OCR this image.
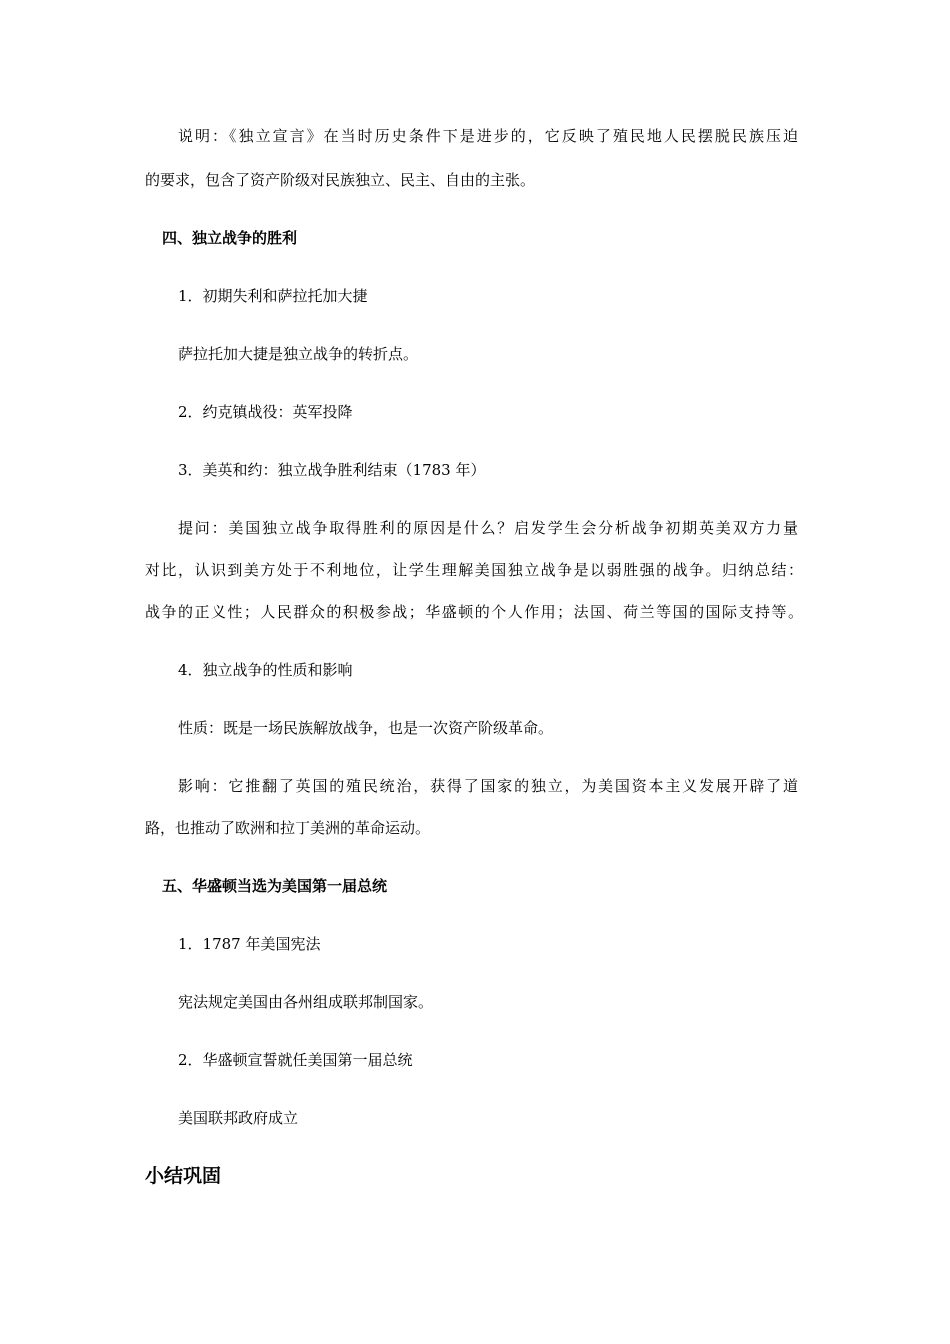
说明：《独立宣言》在当时历史条件下是进步的，它反映了殖民地人民摆脱民族压迫
的要求，包含了资产阶级对民族独立、民主、自由的主张。
四、独立战争的胜利
1．初期失利和萨拉托加大捷
萨拉托加大捷是独立战争的转折点。
2．约克镇战役：英军投降
3．美英和约：独立战争胜利结束（1783 年）
提问：美国独立战争取得胜利的原因是什么？启发学生会分析战争初期英美双方力量
对比，认识到美方处于不利地位，让学生理解美国独立战争是以弱胜强的战争。归纳总结：
战争的正义性；人民群众的积极参战；华盛顿的个人作用；法国、荷兰等国的国际支持等。
4．独立战争的性质和影响
性质：既是一场民族解放战争，也是一次资产阶级革命。
影响：它推翻了英国的殖民统治，获得了国家的独立，为美国资本主义发展开辟了道
路，也推动了欧洲和拉丁美洲的革命运动。
五、华盛顿当选为美国第一届总统
1．1787 年美国宪法
宪法规定美国由各州组成联邦制国家。
2．华盛顿宣誓就任美国第一届总统
美国联邦政府成立
小结巩固
